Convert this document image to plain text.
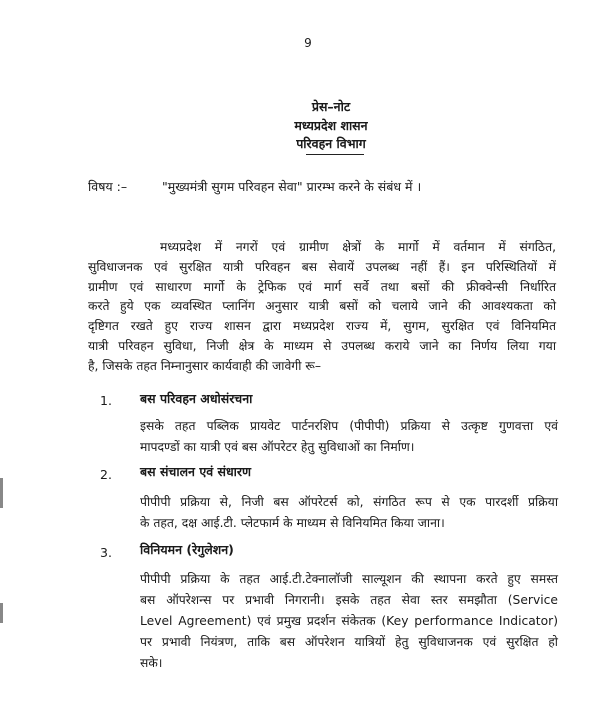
9
प्रेस–नोट
मध्यप्रदेश शासन
परिवहन विभाग
विषय :–	"मुख्यमंत्री सुगम परिवहन सेवा" प्रारम्भ करने के संबंध में ।
मध्यप्रदेश में नगरों एवं ग्रामीण क्षेत्रों के मार्गो में वर्तमान में संगठित,
सुविधाजनक एवं सुरक्षित यात्री परिवहन बस सेवायें उपलब्ध नहीं हैं। इन परिस्थितियों में
ग्रामीण एवं साधारण मार्गो के ट्रेफिक एवं मार्ग सर्वे तथा बसों की फ्रीक्वेन्सी निर्धारित
करते हुये एक व्यवस्थित प्लानिंग अनुसार यात्री बसों को चलाये जाने की आवश्यकता को
दृष्टिगत रखते हुए राज्य शासन द्वारा मध्यप्रदेश राज्य में, सुगम, सुरक्षित एवं विनियमित
यात्री परिवहन सुविधा, निजी क्षेत्र के माध्यम से उपलब्ध कराये जाने का निर्णय लिया गया
है, जिसके तहत निम्नानुसार कार्यवाही की जावेगी रू–
1. बस परिवहन अधोसंरचना
इसके तहत पब्लिक प्रायवेट पार्टनरशिप (पीपीपी) प्रक्रिया से उत्कृष्ट गुणवत्ता एवं
मापदण्डों का यात्री एवं बस ऑपरेटर हेतु सुविधाओं का निर्माण।
2. बस संचालन एवं संधारण
पीपीपी प्रक्रिया से, निजी बस ऑपरेटर्स को, संगठित रूप से एक पारदर्शी प्रक्रिया
के तहत, दक्ष आई.टी. प्लेटफार्म के माध्यम से विनियमित किया जाना।
3. विनियमन (रेगुलेशन)
पीपीपी प्रक्रिया के तहत आई.टी.टेक्नालॉजी साल्यूशन की स्थापना करते हुए समस्त
बस ऑपरेशन्स पर प्रभावी निगरानी। इसके तहत सेवा स्तर समझौता (Service
Level Agreement) एवं प्रमुख प्रदर्शन संकेतक (Key performance Indicator)
पर प्रभावी नियंत्रण, ताकि बस ऑपरेशन यात्रियों हेतु सुविधाजनक एवं सुरक्षित हो
सके।
